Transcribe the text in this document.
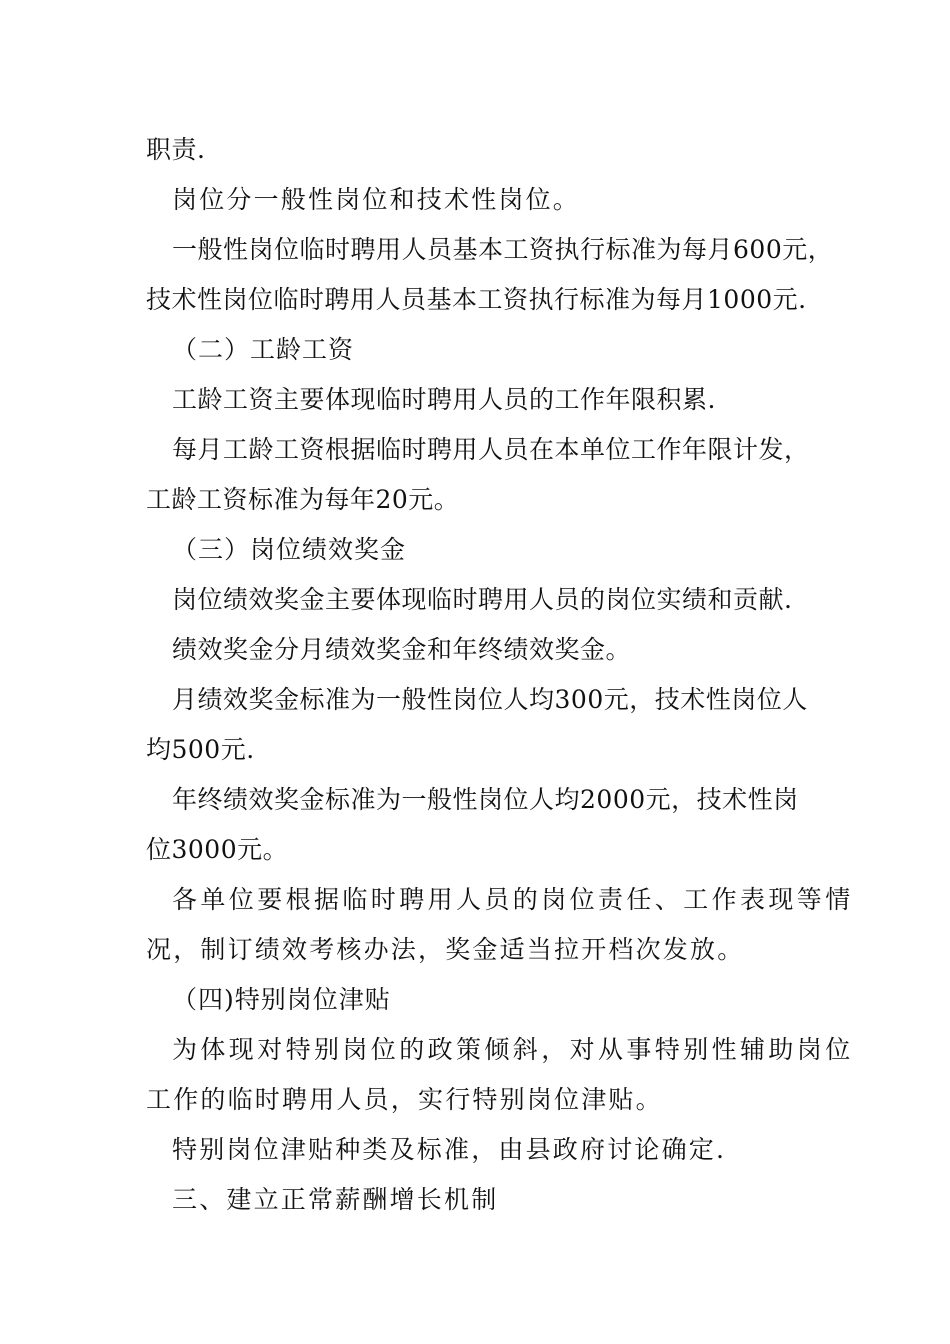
职责.
岗位分一般性岗位和技术性岗位。
一般性岗位临时聘用人员基本工资执行标准为每月600元，
技术性岗位临时聘用人员基本工资执行标准为每月1000元.
（二）工龄工资
工龄工资主要体现临时聘用人员的工作年限积累.
每月工龄工资根据临时聘用人员在本单位工作年限计发，
工龄工资标准为每年20元。
（三）岗位绩效奖金
岗位绩效奖金主要体现临时聘用人员的岗位实绩和贡献.
绩效奖金分月绩效奖金和年终绩效奖金。
月绩效奖金标准为一般性岗位人均300元，技术性岗位人
均500元.
年终绩效奖金标准为一般性岗位人均2000元，技术性岗
位3000元。
各单位要根据临时聘用人员的岗位责任、工作表现等情
况，制订绩效考核办法，奖金适当拉开档次发放。
（四)特别岗位津贴
为体现对特别岗位的政策倾斜，对从事特别性辅助岗位
工作的临时聘用人员，实行特别岗位津贴。
特别岗位津贴种类及标准，由县政府讨论确定.
三、建立正常薪酬增长机制
